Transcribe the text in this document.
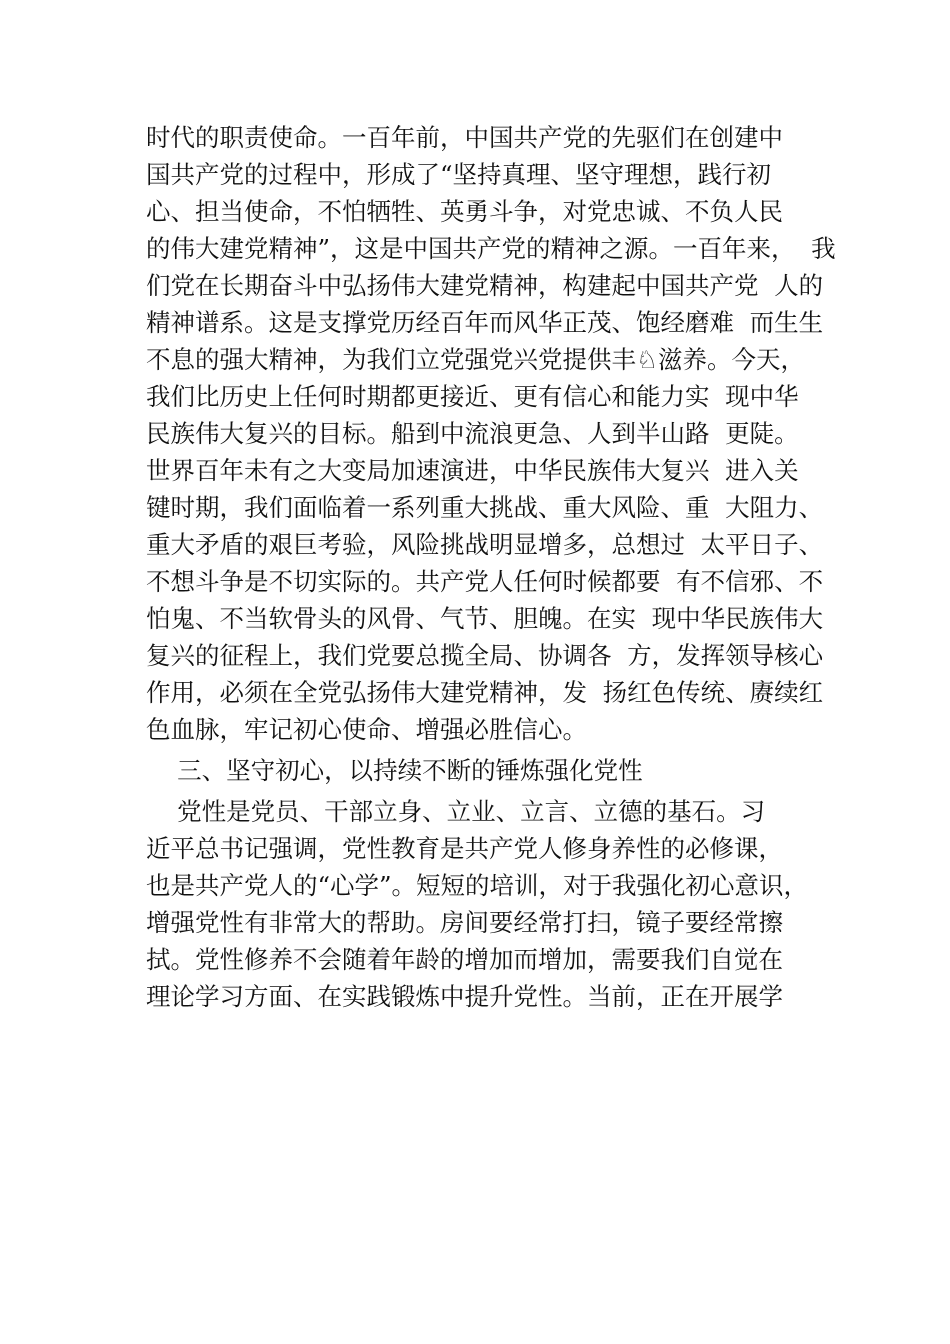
时代的职责使命。一百年前，中国共产党的先驱们在创建中
国共产党的过程中，形成了“坚持真理、坚守理想，践行初
心、担当使命，不怕牺牲、英勇斗争，对党忠诚、不负人民
的伟大建党精神”，这是中国共产党的精神之源。一百年来，  我
们党在长期奋斗中弘扬伟大建党精神，构建起中国共产党  人的
精神谱系。这是支撑党历经百年而风华正茂、饱经磨难  而生生
不息的强大精神，为我们立党强党兴党提供丰♘滋养。今天，
我们比历史上任何时期都更接近、更有信心和能力实  现中华
民族伟大复兴的目标。船到中流浪更急、人到半山路  更陡。
世界百年未有之大变局加速演进，中华民族伟大复兴  进入关
键时期，我们面临着一系列重大挑战、重大风险、重  大阻力、
重大矛盾的艰巨考验，风险挑战明显增多，总想过  太平日子、
不想斗争是不切实际的。共产党人任何时候都要  有不信邪、不
怕鬼、不当软骨头的风骨、气节、胆魄。在实  现中华民族伟大
复兴的征程上，我们党要总揽全局、协调各  方，发挥领导核心
作用，必须在全党弘扬伟大建党精神，发  扬红色传统、赓续红
色血脉，牢记初心使命、增强必胜信心。
三、坚守初心，以持续不断的锤炼强化党性
党性是党员、干部立身、立业、立言、立德的基石。习
近平总书记强调，党性教育是共产党人修身养性的必修课，
也是共产党人的“心学”。短短的培训，对于我强化初心意识，
增强党性有非常大的帮助。房间要经常打扫，镜子要经常擦
拭。党性修养不会随着年龄的增加而增加，需要我们自觉在
理论学习方面、在实践锻炼中提升党性。当前，正在开展学
